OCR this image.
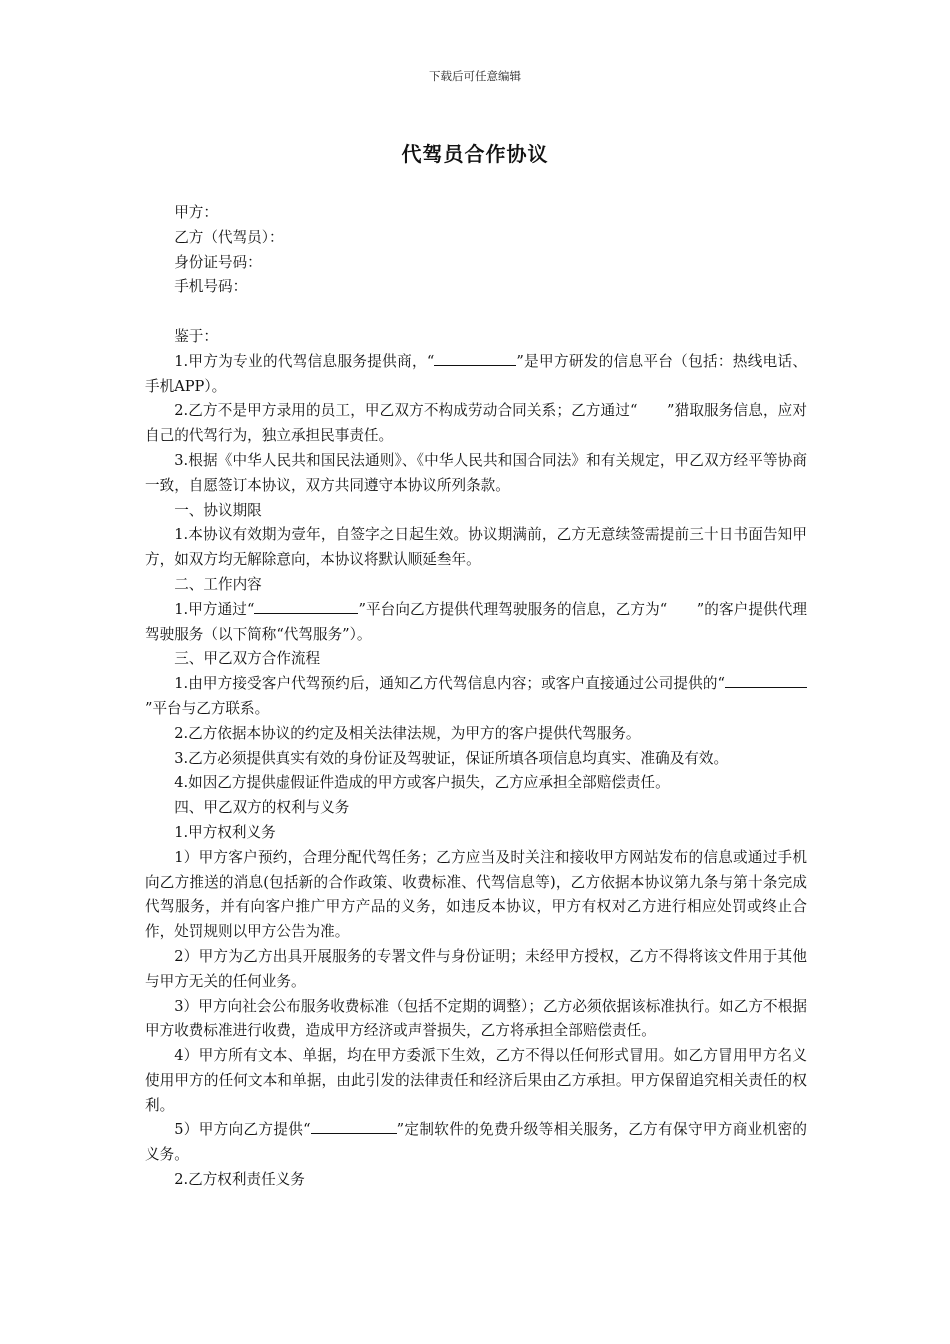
下载后可任意编辑
代驾员合作协议
甲方：
乙方（代驾员）：
身份证号码：
手机号码：
鉴于：

1.甲方为专业的代驾信息服务提供商，“	”是甲方研发的信息平台（包括：热线电话、手机APP）。

2.乙方不是甲方录用的员工，甲乙双方不构成劳动合同关系；乙方通过“　　”猎取服务信息，应对自己的代驾行为，独立承担民事责任。

3.根据《中华人民共和国民法通则》、《中华人民共和国合同法》和有关规定，甲乙双方经平等协商一致，自愿签订本协议，双方共同遵守本协议所列条款。

一、协议期限

1.本协议有效期为壹年，自签字之日起生效。协议期满前，乙方无意续签需提前三十日书面告知甲方，如双方均无解除意向，本协议将默认顺延叁年。

二、工作内容

1.甲方通过“	”平台向乙方提供代理驾驶服务的信息，乙方为“　　”的客户提供代理驾驶服务（以下简称“代驾服务”）。

三、甲乙双方合作流程

1.由甲方接受客户代驾预约后，通知乙方代驾信息内容；或客户直接通过公司提供的“”平台与乙方联系。

2.乙方依据本协议的约定及相关法律法规，为甲方的客户提供代驾服务。

3.乙方必须提供真实有效的身份证及驾驶证，保证所填各项信息均真实、准确及有效。

4.如因乙方提供虚假证件造成的甲方或客户损失，乙方应承担全部赔偿责任。

四、甲乙双方的权利与义务

1.甲方权利义务

1）甲方客户预约，合理分配代驾任务；乙方应当及时关注和接收甲方网站发布的信息或通过手机向乙方推送的消息(包括新的合作政策、收费标准、代驾信息等)，乙方依据本协议第九条与第十条完成代驾服务，并有向客户推广甲方产品的义务，如违反本协议，甲方有权对乙方进行相应处罚或终止合作，处罚规则以甲方公告为准。

2）甲方为乙方出具开展服务的专署文件与身份证明；未经甲方授权，乙方不得将该文件用于其他与甲方无关的任何业务。

3）甲方向社会公布服务收费标准（包括不定期的调整）；乙方必须依据该标准执行。如乙方不根据甲方收费标准进行收费，造成甲方经济或声誉损失，乙方将承担全部赔偿责任。

4）甲方所有文本、单据，均在甲方委派下生效，乙方不得以任何形式冒用。如乙方冒用甲方名义使用甲方的任何文本和单据，由此引发的法律责任和经济后果由乙方承担。甲方保留追究相关责任的权利。

5）甲方向乙方提供“	”定制软件的免费升级等相关服务，乙方有保守甲方商业机密的义务。

2.乙方权利责任义务
